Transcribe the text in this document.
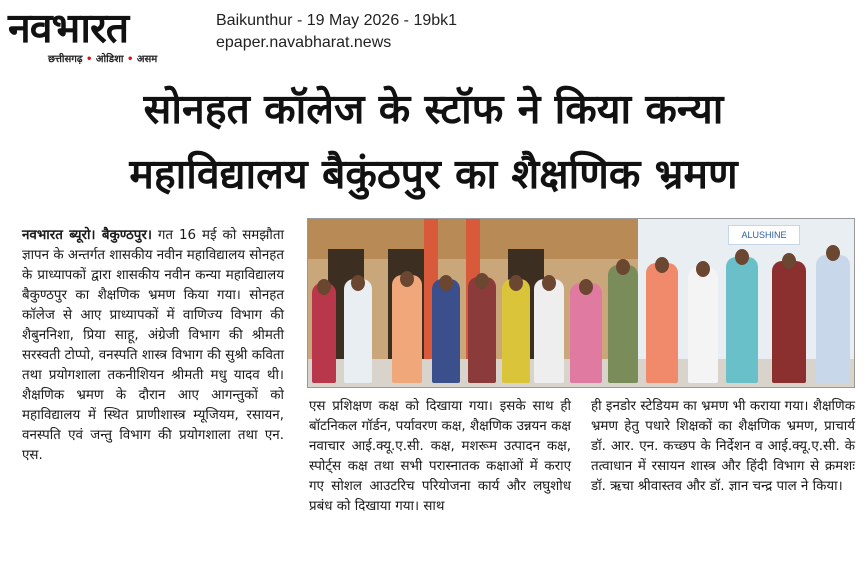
नवभारत
छत्तीसगढ़ • ओडिशा • असम
Baikunthur - 19 May 2026 - 19bk1
epaper.navabharat.news
सोनहत कॉलेज के स्टॉफ ने किया कन्या
महाविद्यालय बैकुंठपुर का शैक्षणिक भ्रमण
नवभारत ब्यूरो। बैकुण्ठपुर। गत 16 मई को समझौता ज्ञापन के अन्तर्गत शासकीय नवीन महाविद्यालय सोनहत के प्राध्यापकों द्वारा शासकीय नवीन कन्या महाविद्यालय बैकुण्ठपुर का शैक्षणिक भ्रमण किया गया। सोनहत कॉलेज से आए प्राध्यापकों में वाणिज्य विभाग की शैबुननिशा, प्रिया साहू, अंग्रेजी विभाग की श्रीमती सरस्वती टोप्पो, वनस्पति शास्त्र विभाग की सुश्री कविता तथा प्रयोगशाला तकनीशियन श्रीमती मधु यादव थी। शैक्षणिक भ्रमण के दौरान आए आगन्तुकों को महाविद्यालय में स्थित प्राणीशास्त्र म्यूजियम, रसायन, वनस्पति एवं जन्तु विभाग की प्रयोगशाला तथा एन. एस.
ALUSHINE
एस प्रशिक्षण कक्ष को दिखाया गया। इसके साथ ही बॉटनिकल गॉर्डन, पर्यावरण कक्ष, शैक्षणिक उन्नयन कक्ष नवाचार आई.क्यू.ए.सी. कक्ष, मशरूम उत्पादन कक्ष, स्पोर्ट्स कक्ष तथा सभी परास्नातक कक्षाओं में कराए गए सोशल आउटरिच परियोजना कार्य और लघुशोध प्रबंध को दिखाया गया। साथ
ही इनडोर स्टेडियम का भ्रमण भी कराया गया। शैक्षणिक भ्रमण हेतु पधारे शिक्षकों का शैक्षणिक भ्रमण, प्राचार्य डॉ. आर. एन. कच्छप के निर्देशन व आई.क्यू.ए.सी. के तत्वाधान में रसायन शास्त्र और हिंदी विभाग से क्रमशः डॉ. ऋचा श्रीवास्तव और डॉ. ज्ञान चन्द्र पाल ने किया।
